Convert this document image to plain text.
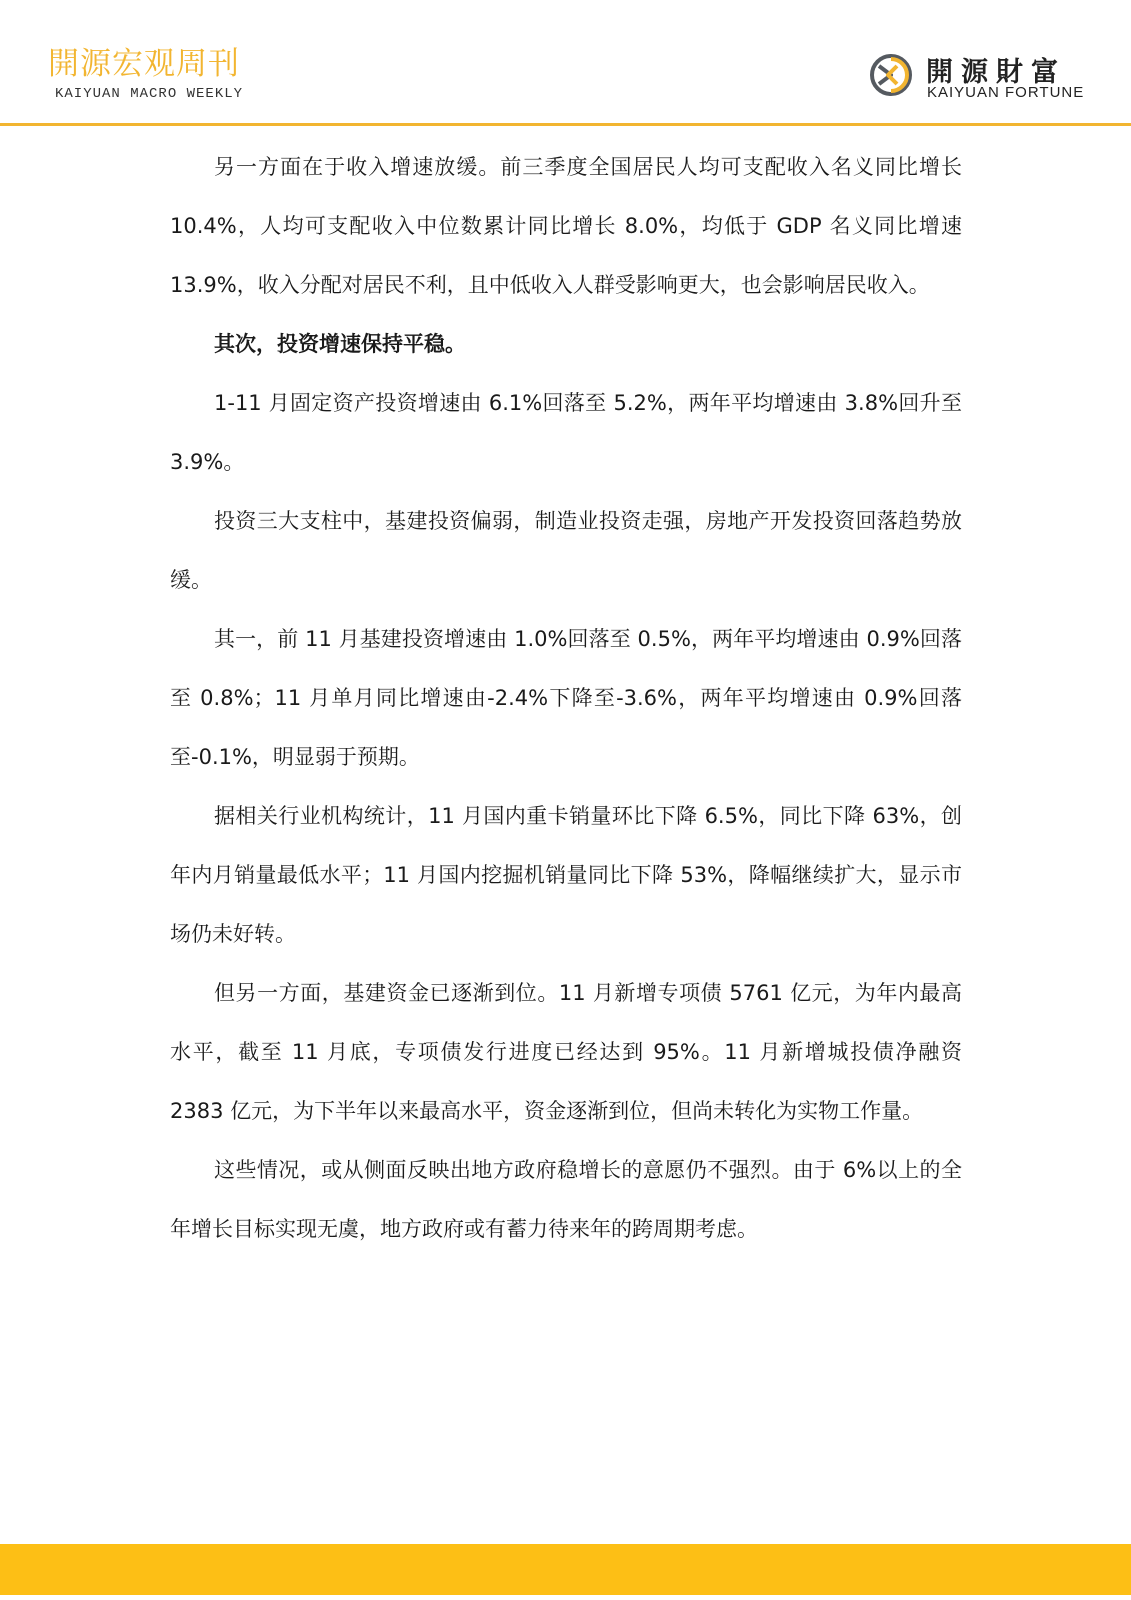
開源宏观周刊
KAIYUAN MACRO WEEKLY
開源財富
KAIYUAN FORTUNE

另一方面在于收入增速放缓。前三季度全国居民人均可支配收入名义同比增长 10.4%，人均可支配收入中位数累计同比增长 8.0%，均低于 GDP 名义同比增速 13.9%，收入分配对居民不利，且中低收入人群受影响更大，也会影响居民收入。

其次，投资增速保持平稳。

1-11 月固定资产投资增速由 6.1%回落至 5.2%，两年平均增速由 3.8%回升至 3.9%。

投资三大支柱中，基建投资偏弱，制造业投资走强，房地产开发投资回落趋势放缓。

其一，前 11 月基建投资增速由 1.0%回落至 0.5%，两年平均增速由 0.9%回落至 0.8%；11 月单月同比增速由-2.4%下降至-3.6%，两年平均增速由 0.9%回落至-0.1%，明显弱于预期。

据相关行业机构统计，11 月国内重卡销量环比下降 6.5%，同比下降 63%，创年内月销量最低水平；11 月国内挖掘机销量同比下降 53%，降幅继续扩大，显示市场仍未好转。

但另一方面，基建资金已逐渐到位。11 月新增专项债 5761 亿元，为年内最高水平，截至 11 月底，专项债发行进度已经达到 95%。11 月新增城投债净融资 2383 亿元，为下半年以来最高水平，资金逐渐到位，但尚未转化为实物工作量。

这些情况，或从侧面反映出地方政府稳增长的意愿仍不强烈。由于 6%以上的全年增长目标实现无虞，地方政府或有蓄力待来年的跨周期考虑。
